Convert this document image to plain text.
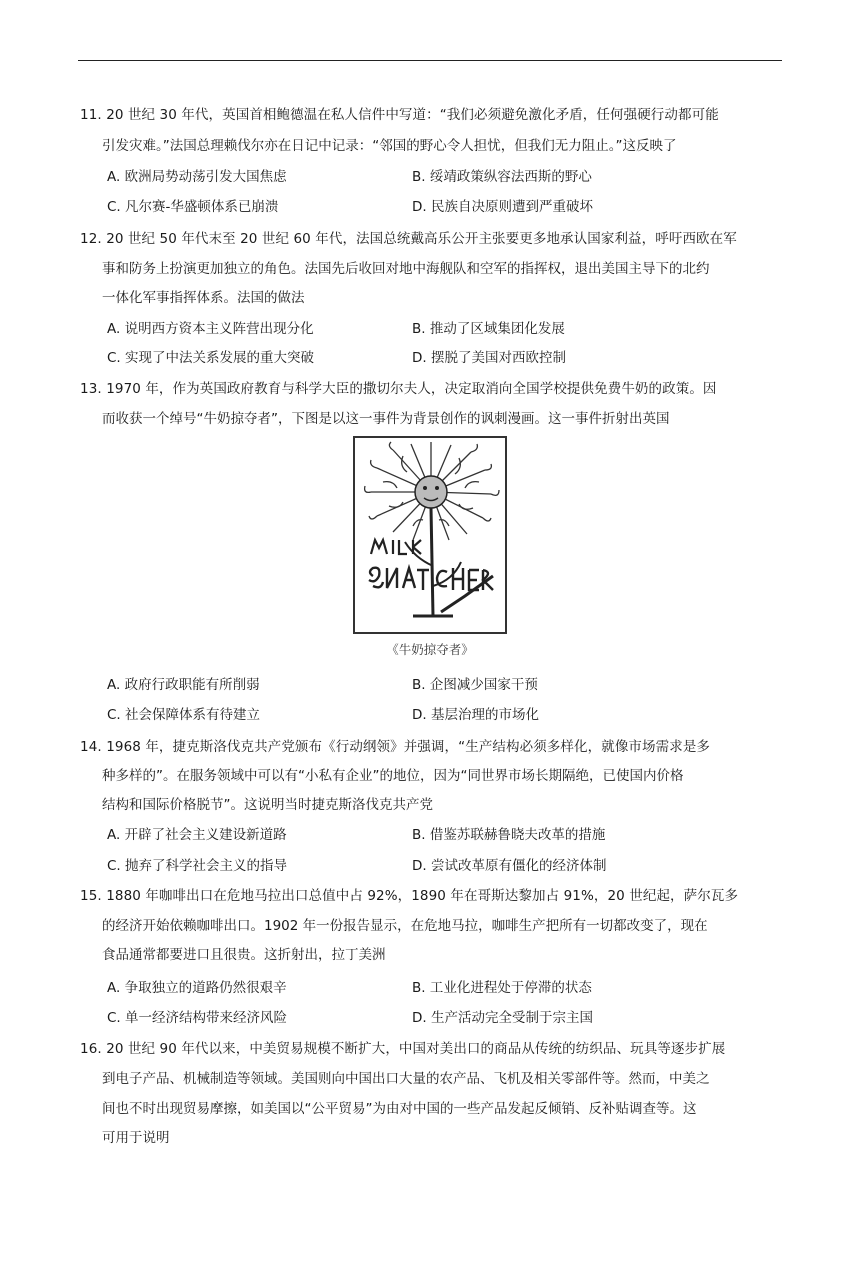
11. 20 世纪 30 年代，英国首相鲍德温在私人信件中写道：“我们必须避免激化矛盾，任何强硬行动都可能
引发灾难。”法国总理赖伐尔亦在日记中记录：“邻国的野心令人担忧，但我们无力阻止。”这反映了
A. 欧洲局势动荡引发大国焦虑	B. 绥靖政策纵容法西斯的野心
C. 凡尔赛-华盛顿体系已崩溃	D. 民族自决原则遭到严重破坏
12. 20 世纪 50 年代末至 20 世纪 60 年代，法国总统戴高乐公开主张要更多地承认国家利益，呼吁西欧在军
事和防务上扮演更加独立的角色。法国先后收回对地中海舰队和空军的指挥权，退出美国主导下的北约
一体化军事指挥体系。法国的做法
A. 说明西方资本主义阵营出现分化	B. 推动了区域集团化发展
C. 实现了中法关系发展的重大突破	D. 摆脱了美国对西欧控制
13. 1970 年，作为英国政府教育与科学大臣的撒切尔夫人，决定取消向全国学校提供免费牛奶的政策。因
而收获一个绰号“牛奶掠夺者”，下图是以这一事件为背景创作的讽刺漫画。这一事件折射出英国
《牛奶掠夺者》
A. 政府行政职能有所削弱	B. 企图减少国家干预
C. 社会保障体系有待建立	D. 基层治理的市场化
14. 1968 年，捷克斯洛伐克共产党颁布《行动纲领》并强调，“生产结构必须多样化，就像市场需求是多
种多样的”。在服务领域中可以有“小私有企业”的地位，因为“同世界市场长期隔绝，已使国内价格
结构和国际价格脱节”。这说明当时捷克斯洛伐克共产党
A. 开辟了社会主义建设新道路	B. 借鉴苏联赫鲁晓夫改革的措施
C. 抛弃了科学社会主义的指导	D. 尝试改革原有僵化的经济体制
15. 1880 年咖啡出口在危地马拉出口总值中占 92%，1890 年在哥斯达黎加占 91%，20 世纪起，萨尔瓦多
的经济开始依赖咖啡出口。1902 年一份报告显示，在危地马拉，咖啡生产把所有一切都改变了，现在
食品通常都要进口且很贵。这折射出，拉丁美洲
A. 争取独立的道路仍然很艰辛	B. 工业化进程处于停滞的状态
C. 单一经济结构带来经济风险	D. 生产活动完全受制于宗主国
16. 20 世纪 90 年代以来，中美贸易规模不断扩大，中国对美出口的商品从传统的纺织品、玩具等逐步扩展
到电子产品、机械制造等领域。美国则向中国出口大量的农产品、飞机及相关零部件等。然而，中美之
间也不时出现贸易摩擦，如美国以“公平贸易”为由对中国的一些产品发起反倾销、反补贴调查等。这
可用于说明
